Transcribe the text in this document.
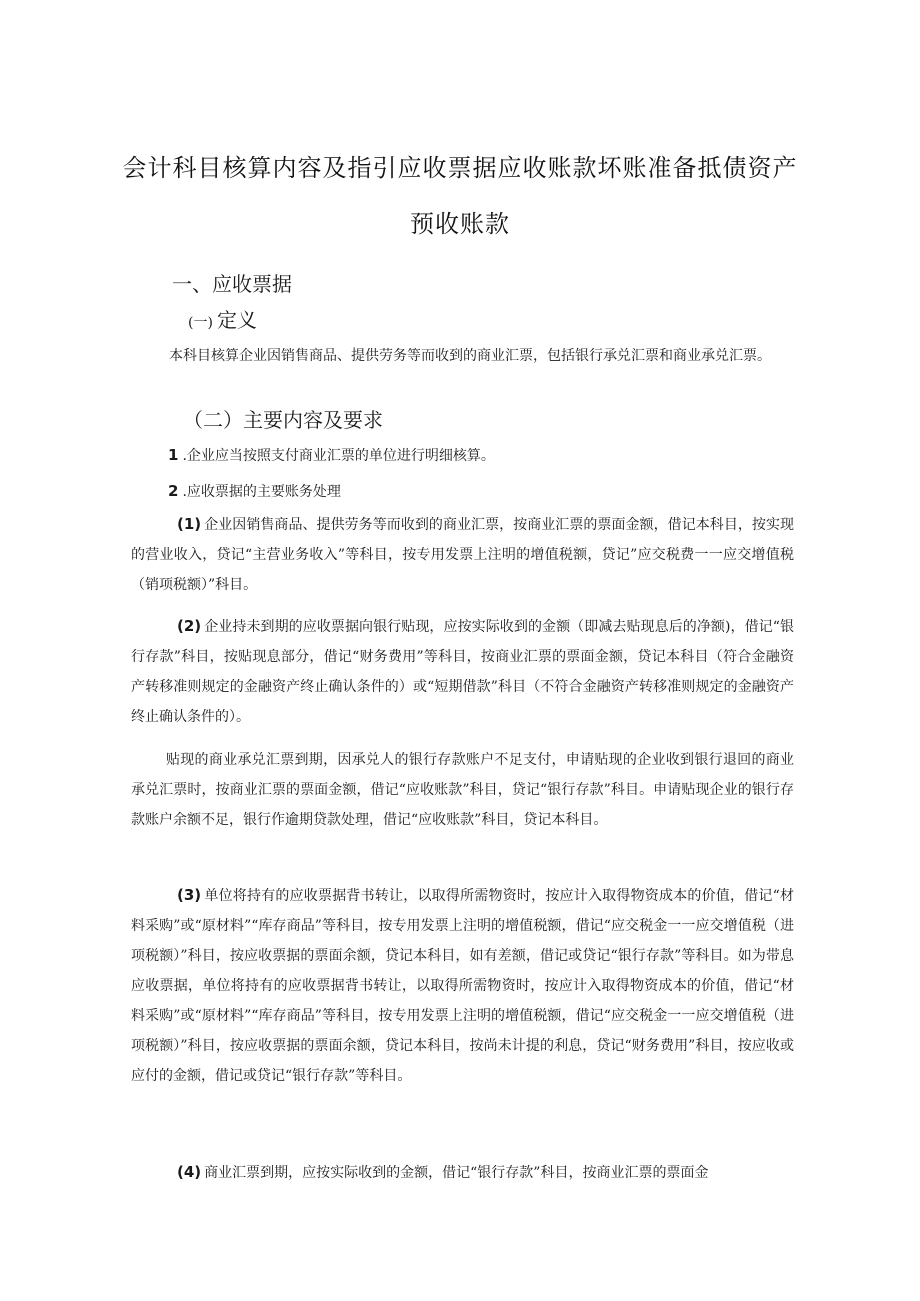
会计科目核算内容及指引应收票据应收账款坏账准备抵债资产
预收账款
一、应收票据
(一) 定义
本科目核算企业因销售商品、提供劳务等而收到的商业汇票，包括银行承兑汇票和商业承兑汇票。
（二）主要内容及要求
1 .企业应当按照支付商业汇票的单位进行明细核算。
2 .应收票据的主要账务处理
(1) 企业因销售商品、提供劳务等而收到的商业汇票，按商业汇票的票面金额，借记本科目，按实现的营业收入，贷记“主营业务收入”等科目，按专用发票上注明的增值税额，贷记”应交税费一一应交增值税（销项税额）”科目。
(2) 企业持未到期的应收票据向银行贴现，应按实际收到的金额（即减去贴现息后的净额)，借记“银行存款”科目，按贴现息部分，借记“财务费用”等科目，按商业汇票的票面金额，贷记本科目（符合金融资产转移准则规定的金融资产终止确认条件的）或“短期借款”科目（不符合金融资产转移准则规定的金融资产终止确认条件的）。
贴现的商业承兑汇票到期，因承兑人的银行存款账户不足支付，申请贴现的企业收到银行退回的商业承兑汇票时，按商业汇票的票面金额，借记“应收账款”科目，贷记“银行存款”科目。申请贴现企业的银行存款账户余额不足，银行作逾期贷款处理，借记“应收账款”科目，贷记本科目。
(3) 单位将持有的应收票据背书转让，以取得所需物资时，按应计入取得物资成本的价值，借记“材料采购”或“原材料”“库存商品”等科目，按专用发票上注明的增值税额，借记“应交税金一一应交增值税（进项税额）”科目，按应收票据的票面余额，贷记本科目，如有差额，借记或贷记“银行存款”等科目。如为带息应收票据，单位将持有的应收票据背书转让，以取得所需物资时，按应计入取得物资成本的价值，借记“材料采购”或“原材料”“库存商品”等科目，按专用发票上注明的增值税额，借记“应交税金一一应交增值税（进项税额）”科目，按应收票据的票面余额，贷记本科目，按尚未计提的利息，贷记“财务费用”科目，按应收或应付的金额，借记或贷记“银行存款”等科目。
(4) 商业汇票到期，应按实际收到的金额，借记“银行存款”科目，按商业汇票的票面金
